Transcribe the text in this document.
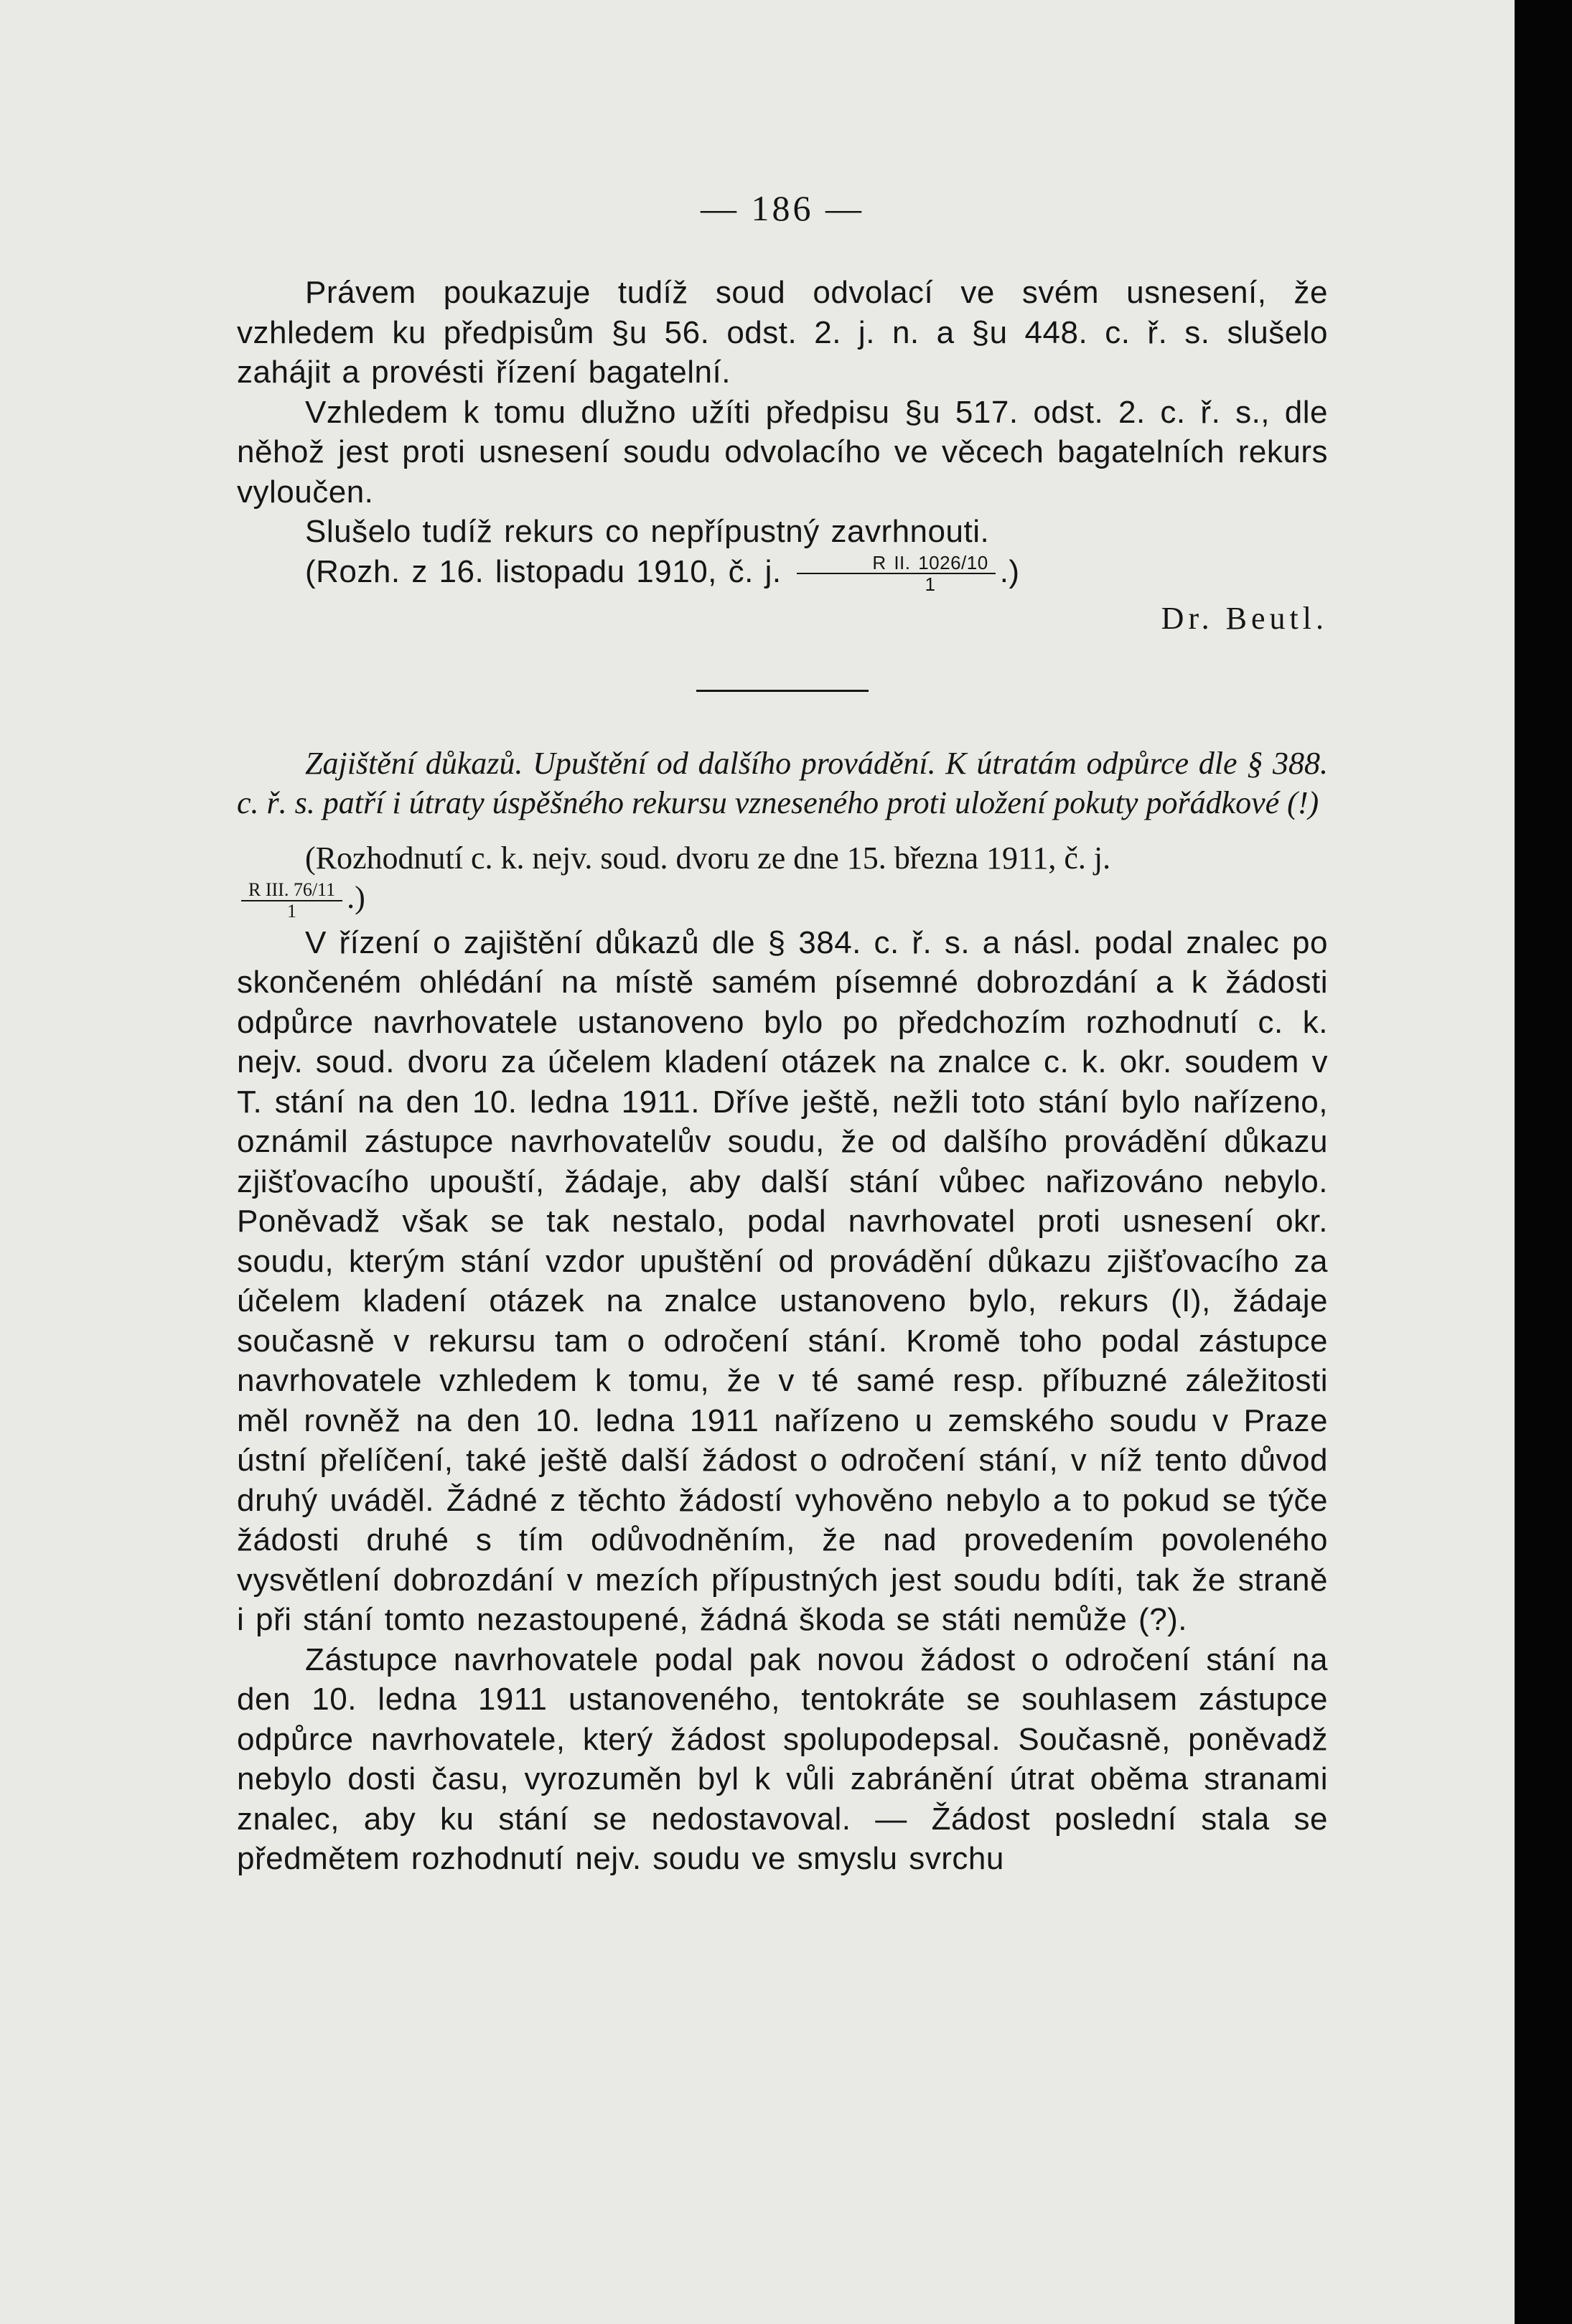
— 186 —

Právem poukazuje tudíž soud odvolací ve svém usnesení, že vzhledem ku předpisům §u 56. odst. 2. j. n. a §u 448. c. ř. s. slušelo zahájit a provésti řízení bagatelní.

Vzhledem k tomu dlužno užíti předpisu §u 517. odst. 2. c. ř. s., dle něhož jest proti usnesení soudu odvolacího ve věcech bagatelních rekurs vyloučen.

Slušelo tudíž rekurs co nepřípustný zavrhnouti.

(Rozh. z 16. listopadu 1910, č. j. $\frac{\text{R II. 1026/10}}{1}$ .)

Dr. Beutl.

Zajištění důkazů. Upuštění od dalšího provádění. K útratám odpůrce dle § 388. c. ř. s. patří i útraty úspěšného rekursu vzneseného proti uložení pokuty pořádkové (!)

(Rozhodnutí c. k. nejv. soud. dvoru ze dne 15. března 1911, č. j.

$\frac{\text{R III. 76/11}}{1}$ .)

V řízení o zajištění důkazů dle § 384. c. ř. s. a násl. podal znalec po skončeném ohlédání na místě samém písemné dobrozdání a k žádosti odpůrce navrhovatele ustanoveno bylo po předchozím rozhodnutí c. k. nejv. soud. dvoru za účelem kladení otázek na znalce c. k. okr. soudem v T. stání na den 10. ledna 1911. Dříve ještě, nežli toto stání bylo nařízeno, oznámil zástupce navrhovatelův soudu, že od dalšího provádění důkazu zjišťovacího upouští, žádaje, aby další stání vůbec nařizováno nebylo. Poněvadž však se tak nestalo, podal navrhovatel proti usnesení okr. soudu, kterým stání vzdor upuštění od provádění důkazu zjišťovacího za účelem kladení otázek na znalce ustanoveno bylo, rekurs (I), žádaje současně v rekursu tam o odročení stání. Kromě toho podal zástupce navrhovatele vzhledem k tomu, že v té samé resp. příbuzné záležitosti měl rovněž na den 10. ledna 1911 nařízeno u zemského soudu v Praze ústní přelíčení, také ještě další žádost o odročení stání, v níž tento důvod druhý uváděl. Žádné z těchto žádostí vyhověno nebylo a to pokud se týče žádosti druhé s tím odůvodněním, že nad provedením povoleného vysvětlení dobrozdání v mezích přípustných jest soudu bdíti, tak že straně i při stání tomto nezastoupené, žádná škoda se státi nemůže (?).

Zástupce navrhovatele podal pak novou žádost o odročení stání na den 10. ledna 1911 ustanoveného, tentokráte se souhlasem zástupce odpůrce navrhovatele, který žádost spolupodepsal. Současně, poněvadž nebylo dosti času, vyrozuměn byl k vůli zabránění útrat oběma stranami znalec, aby ku stání se nedostavoval. — Žádost poslední stala se předmětem rozhodnutí nejv. soudu ve smyslu svrchu
